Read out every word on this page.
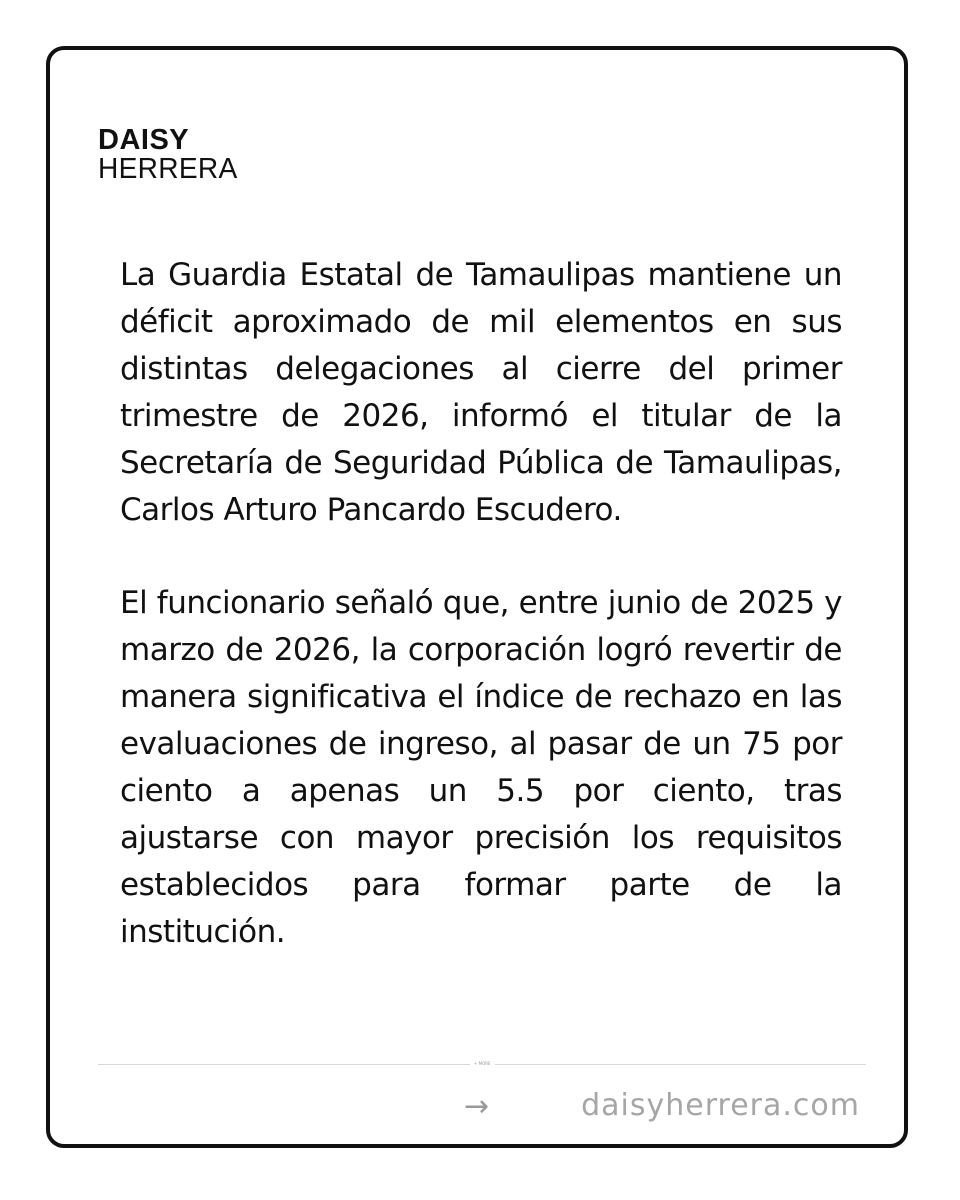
DAISY
HERRERA

La Guardia Estatal de Tamaulipas mantiene un déficit aproximado de mil elementos en sus distintas delegaciones al cierre del primer trimestre de 2026, informó el titular de la Secretaría de Seguridad Pública de Tamaulipas, Carlos Arturo Pancardo Escudero.

El funcionario señaló que, entre junio de 2025 y marzo de 2026, la corporación logró revertir de manera significativa el índice de rechazo en las evaluaciones de ingreso, al pasar de un 75 por ciento a apenas un 5.5 por ciento, tras ajustarse con mayor precisión los requisitos establecidos para formar parte de la institución.

+ MORE
→	daisyherrera.com
